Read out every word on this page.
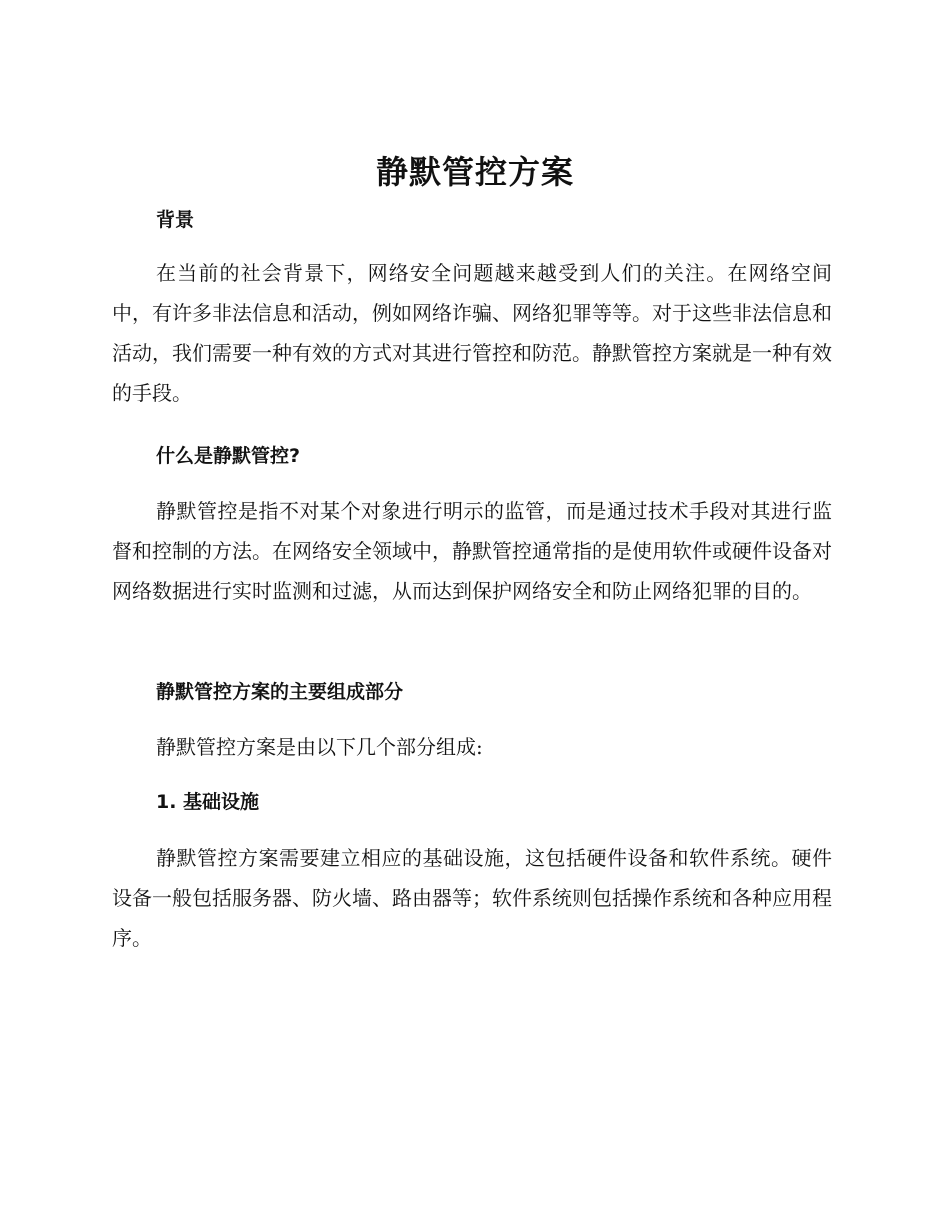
静默管控方案
背景

在当前的社会背景下，网络安全问题越来越受到人们的关注。在网络空间中，有许多非法信息和活动，例如网络诈骗、网络犯罪等等。对于这些非法信息和活动，我们需要一种有效的方式对其进行管控和防范。静默管控方案就是一种有效的手段。

什么是静默管控?

静默管控是指不对某个对象进行明示的监管，而是通过技术手段对其进行监督和控制的方法。在网络安全领域中，静默管控通常指的是使用软件或硬件设备对网络数据进行实时监测和过滤，从而达到保护网络安全和防止网络犯罪的目的。

静默管控方案的主要组成部分

静默管控方案是由以下几个部分组成:

1. 基础设施

静默管控方案需要建立相应的基础设施，这包括硬件设备和软件系统。硬件设备一般包括服务器、防火墙、路由器等；软件系统则包括操作系统和各种应用程序。
